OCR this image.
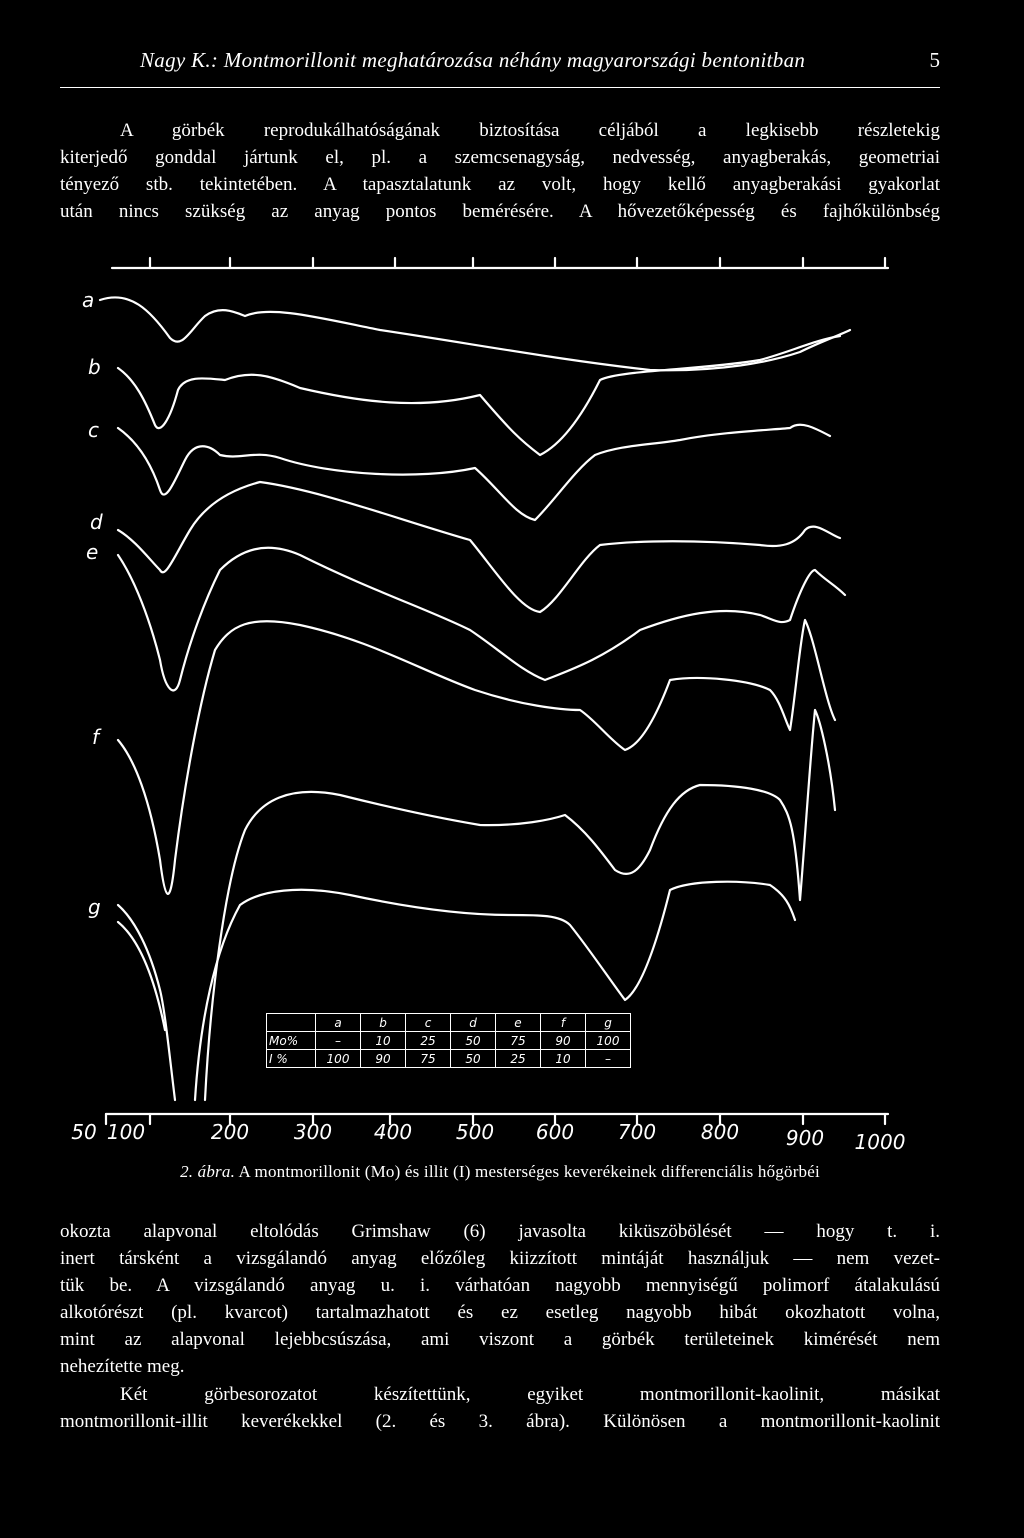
Nagy K.: Montmorillonit meghatározása néhány magyarországi bentonitban	5
A görbék reprodukálhatóságának biztosítása céljából a legkisebb részletekig
kiterjedő gonddal jártunk el, pl. a szemcsenagyság, nedvesség, anyagberakás, geometriai
tényező stb. tekintetében. A tapasztalatunk az volt, hogy kellő anyagberakási gyakorlat
után nincs szükség az anyag pontos bemérésére. A hővezetőképesség és fajhőkülönbség
a
b
c
d
e
f
g
	a	b	c	d	e	f	g
Mo%	–	10	25	50	75	90	100
I %	100	90	75	50	25	10	–
50 100	200 300 400 500 600 700 800 900 1000
2. ábra. A montmorillonit (Mo) és illit (I) mesterséges keverékeinek differenciális hőgörbéi
okozta alapvonal eltolódás Grimshaw (6) javasolta kiküszöbölését — hogy t. i.
inert társként a vizsgálandó anyag előzőleg kiizzított mintáját használjuk — nem vezet-
tük be. A vizsgálandó anyag u. i. várhatóan nagyobb mennyiségű polimorf átalakulású
alkotórészt (pl. kvarcot) tartalmazhatott és ez esetleg nagyobb hibát okozhatott volna,
mint az alapvonal lejebbcsúszása, ami viszont a görbék területeinek kimérését nem
nehezítette meg.
Két görbesorozatot készítettünk, egyiket montmorillonit-kaolinit, másikat
montmorillonit-illit keverékekkel (2. és 3. ábra). Különösen a montmorillonit-kaolinit
